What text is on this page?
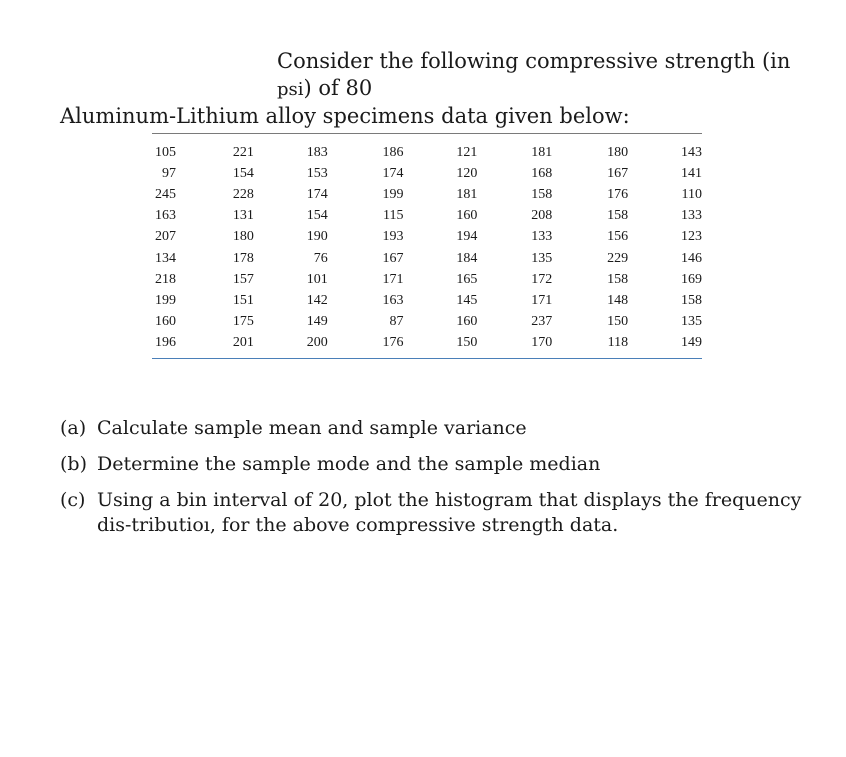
Consider the following compressive strength (in psi) of 80
Aluminum-Lithium alloy specimens data given below:
105	221	183	186	121	181	180	143
97	154	153	174	120	168	167	141
245	228	174	199	181	158	176	110
163	131	154	115	160	208	158	133
207	180	190	193	194	133	156	123
134	178	76	167	184	135	229	146
218	157	101	171	165	172	158	169
199	151	142	163	145	171	148	158
160	175	149	87	160	237	150	135
196	201	200	176	150	170	118	149
(a) Calculate sample mean and sample variance
(b) Determine the sample mode and the sample median
(c) Using a bin interval of 20, plot the histogram that displays the frequency dis-tributioı, for the above compressive strength data.
